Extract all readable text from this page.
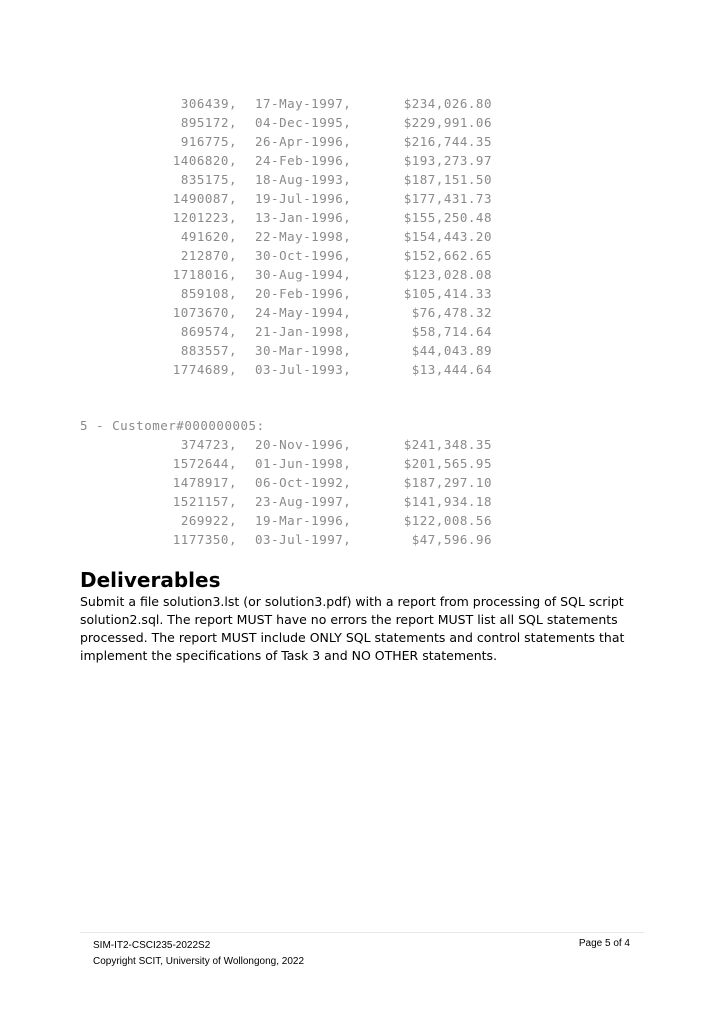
306439, 17-May-1997,	$234,026.80
895172, 04-Dec-1995,	$229,991.06
916775, 26-Apr-1996,	$216,744.35
1406820, 24-Feb-1996,	$193,273.97
835175, 18-Aug-1993,	$187,151.50
1490087, 19-Jul-1996,	$177,431.73
1201223, 13-Jan-1996,	$155,250.48
491620, 22-May-1998,	$154,443.20
212870, 30-Oct-1996,	$152,662.65
1718016, 30-Aug-1994,	$123,028.08
859108, 20-Feb-1996,	$105,414.33
1073670, 24-May-1994,	$76,478.32
869574, 21-Jan-1998,	$58,714.64
883557, 30-Mar-1998,	$44,043.89
1774689, 03-Jul-1993,	$13,444.64
5 - Customer#000000005:
374723, 20-Nov-1996,	$241,348.35
1572644, 01-Jun-1998,	$201,565.95
1478917, 06-Oct-1992,	$187,297.10
1521157, 23-Aug-1997,	$141,934.18
269922, 19-Mar-1996,	$122,008.56
1177350, 03-Jul-1997,	$47,596.96
Deliverables

Submit a file solution3.lst (or solution3.pdf) with a report from processing of SQL script solution2.sql. The report MUST have no errors the report MUST list all SQL statements processed. The report MUST include ONLY SQL statements and control statements that implement the specifications of Task 3 and NO OTHER statements.

SIM-IT2-CSCI235-2022S2
Copyright SCIT, University of Wollongong, 2022
Page 5 of 4
